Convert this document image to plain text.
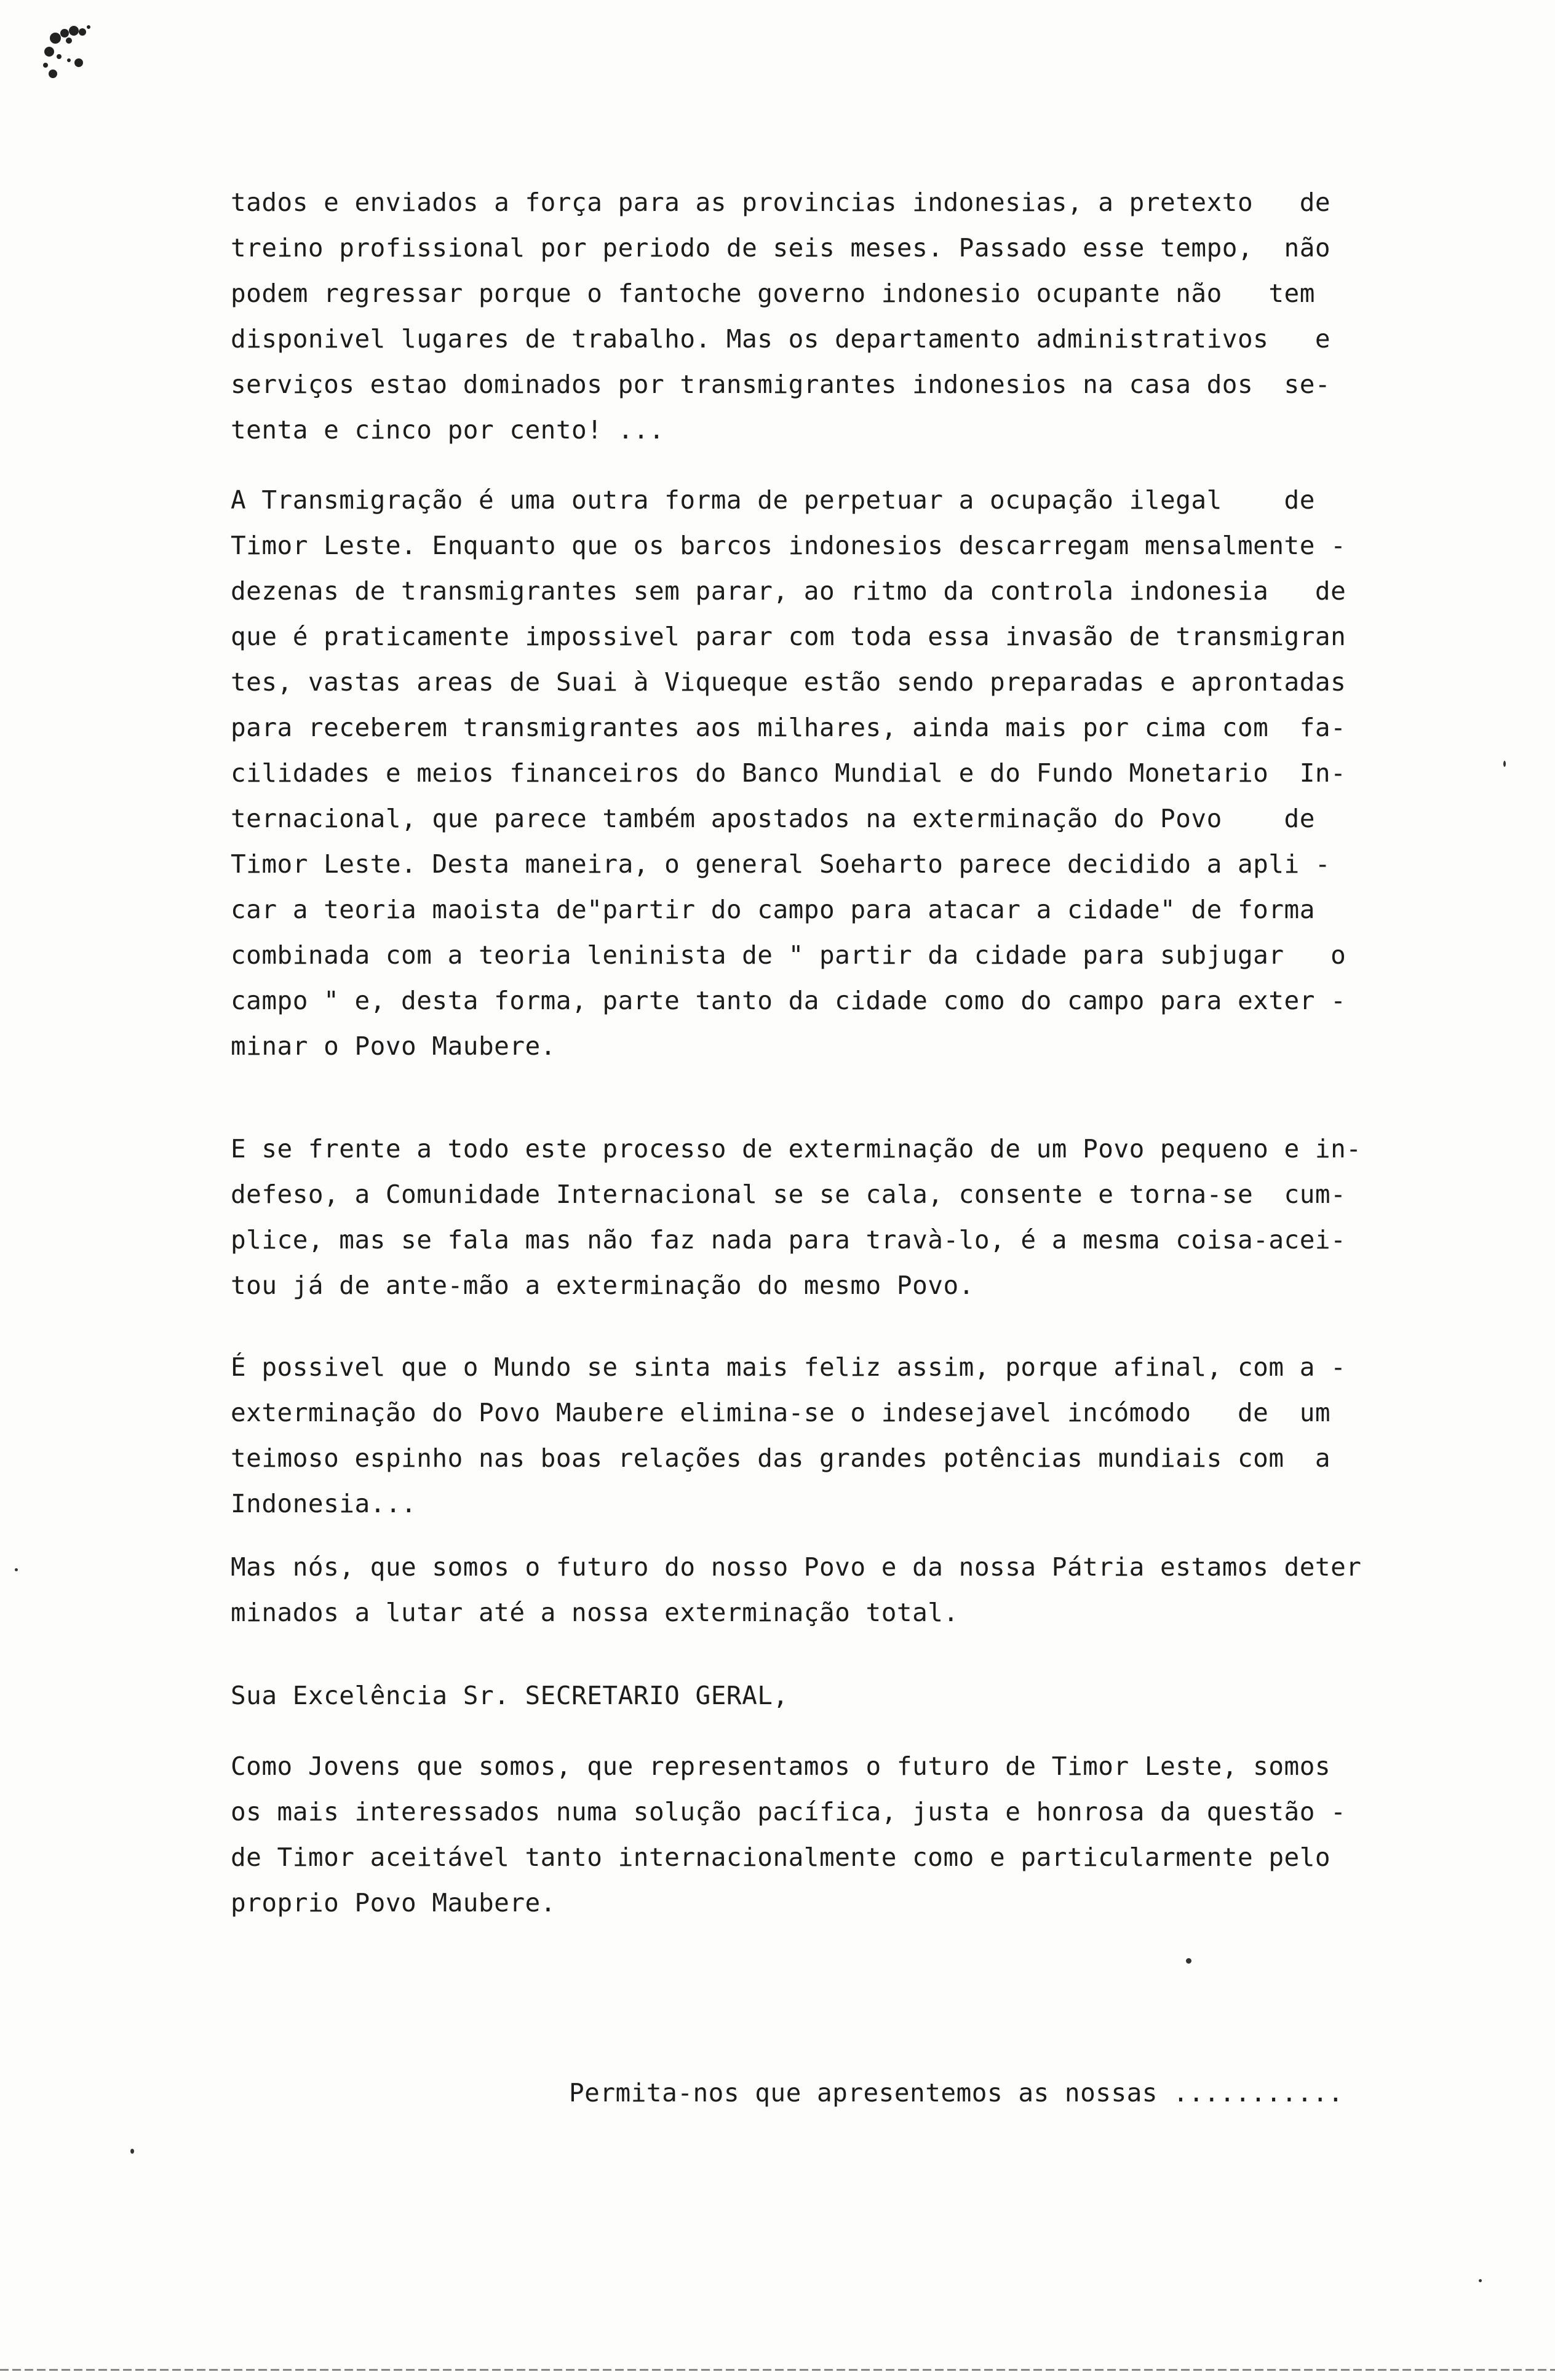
tados e enviados a força para as provincias indonesias, a pretexto   de
treino profissional por periodo de seis meses. Passado esse tempo,  não
podem regressar porque o fantoche governo indonesio ocupante não   tem
disponivel lugares de trabalho. Mas os departamento administrativos   e
serviços estao dominados por transmigrantes indonesios na casa dos  se-
tenta e cinco por cento! ...
A Transmigração é uma outra forma de perpetuar a ocupação ilegal    de
Timor Leste. Enquanto que os barcos indonesios descarregam mensalmente -
dezenas de transmigrantes sem parar, ao ritmo da controla indonesia   de
que é praticamente impossivel parar com toda essa invasão de transmigran
tes, vastas areas de Suai à Viqueque estão sendo preparadas e aprontadas
para receberem transmigrantes aos milhares, ainda mais por cima com  fa-
cilidades e meios financeiros do Banco Mundial e do Fundo Monetario  In-
ternacional, que parece também apostados na exterminação do Povo    de
Timor Leste. Desta maneira, o general Soeharto parece decidido a apli -
car a teoria maoista de"partir do campo para atacar a cidade" de forma
combinada com a teoria leninista de " partir da cidade para subjugar   o
campo " e, desta forma, parte tanto da cidade como do campo para exter -
minar o Povo Maubere.
E se frente a todo este processo de exterminação de um Povo pequeno e in-
defeso, a Comunidade Internacional se se cala, consente e torna-se  cum-
plice, mas se fala mas não faz nada para travà-lo, é a mesma coisa-acei-
tou já de ante-mão a exterminação do mesmo Povo.
É possivel que o Mundo se sinta mais feliz assim, porque afinal, com a -
exterminação do Povo Maubere elimina-se o indesejavel incómodo   de  um
teimoso espinho nas boas relações das grandes potências mundiais com  a
Indonesia...
Mas nós, que somos o futuro do nosso Povo e da nossa Pátria estamos deter
minados a lutar até a nossa exterminação total.
Sua Excelência Sr. SECRETARIO GERAL,
Como Jovens que somos, que representamos o futuro de Timor Leste, somos
os mais interessados numa solução pacífica, justa e honrosa da questão -
de Timor aceitável tanto internacionalmente como e particularmente pelo
proprio Povo Maubere.
Permita-nos que apresentemos as nossas ...........
